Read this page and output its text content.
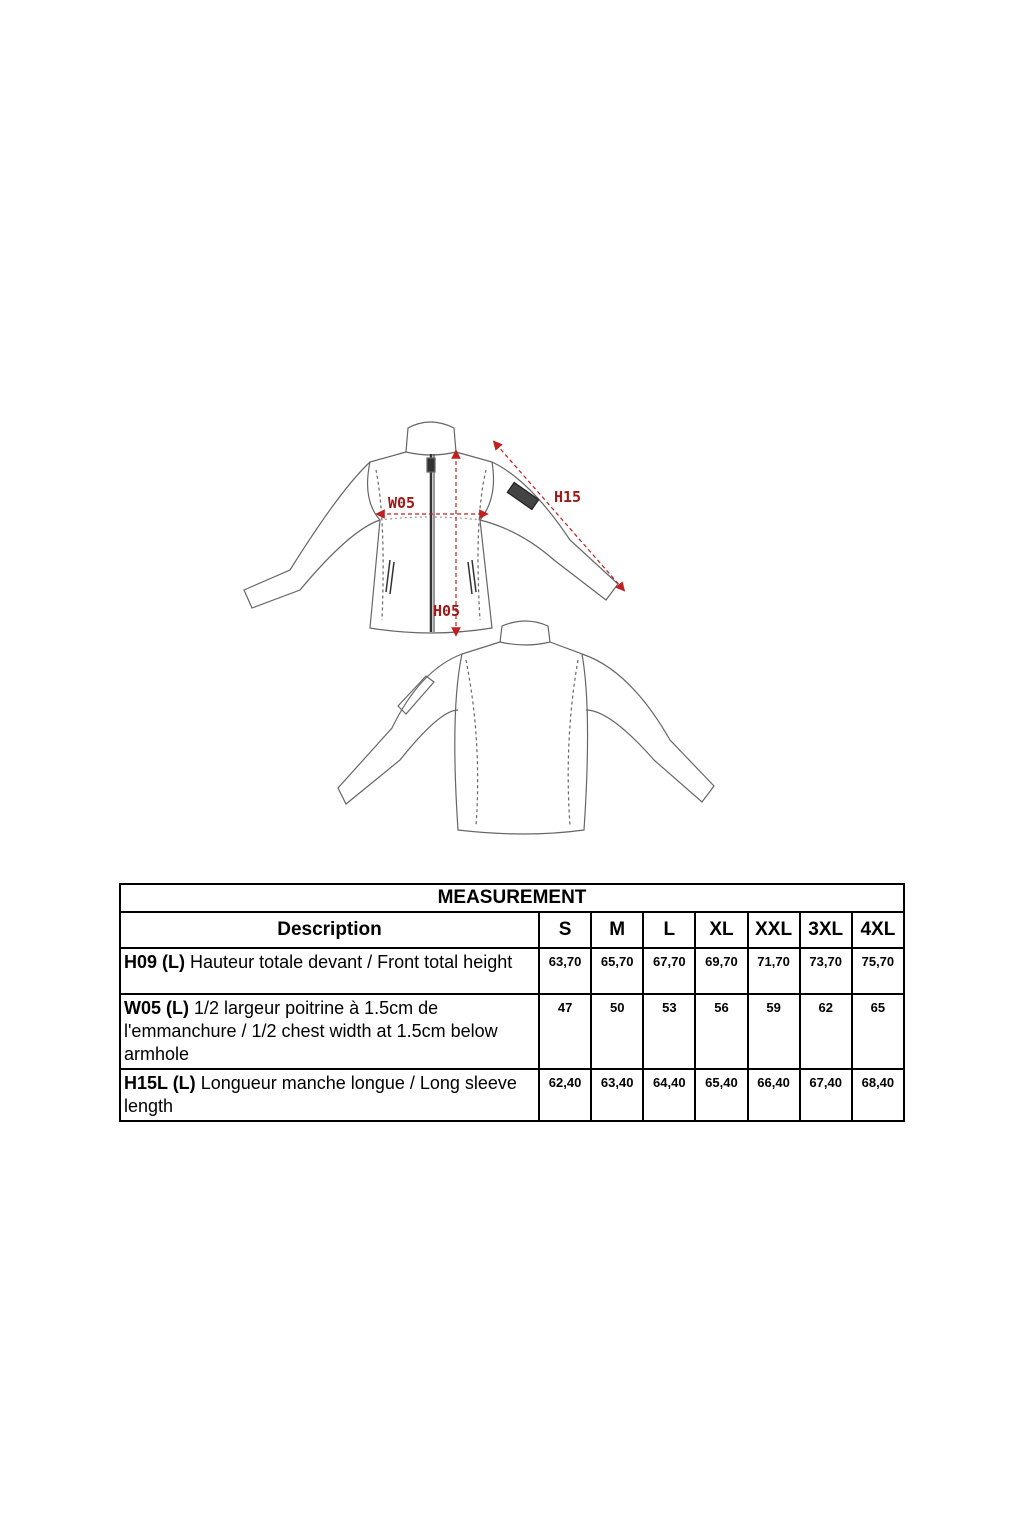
W05
H05
H15
MEASUREMENT							
Description	S	M	L	XL	XXL	3XL	4XL
H09 (L) Hauteur totale devant / Front total height	63,70	65,70	67,70	69,70	71,70	73,70	75,70
W05 (L) 1/2 largeur poitrine à 1.5cm de l'emmanchure / 1/2 chest width at 1.5cm below armhole	47	50	53	56	59	62	65
H15L (L) Longueur manche longue / Long sleeve length	62,40	63,40	64,40	65,40	66,40	67,40	68,40
